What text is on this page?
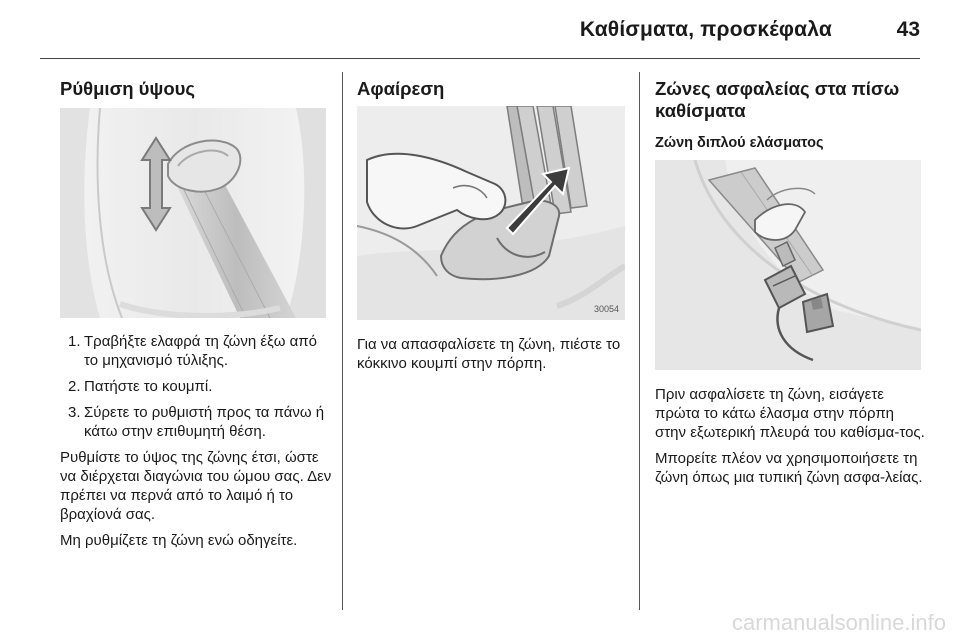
Καθίσματα, προσκέφαλα	43
Ρύθμιση ύψους
1. Τραβήξτε ελαφρά τη ζώνη έξω από το μηχανισμό τύλιξης.
2. Πατήστε το κουμπί.
3. Σύρετε το ρυθμιστή προς τα πάνω ή κάτω στην επιθυμητή θέση.

Ρυθμίστε το ύψος της ζώνης έτσι, ώστε να διέρχεται διαγώνια του ώμου σας. Δεν πρέπει να περνά από το λαιμό ή το βραχίονά σας.

Μη ρυθμίζετε τη ζώνη ενώ οδηγείτε.

Αφαίρεση
30054

Για να απασφαλίσετε τη ζώνη, πιέστε το κόκκινο κουμπί στην πόρπη.

Ζώνες ασφαλείας στα πίσω καθίσματα
Ζώνη διπλού ελάσματος

Πριν ασφαλίσετε τη ζώνη, εισάγετε πρώτα το κάτω έλασμα στην πόρπη στην εξωτερική πλευρά του καθίσμα-τος.

Μπορείτε πλέον να χρησιμοποιήσετε τη ζώνη όπως μια τυπική ζώνη ασφα-λείας.

carmanualsonline.info
